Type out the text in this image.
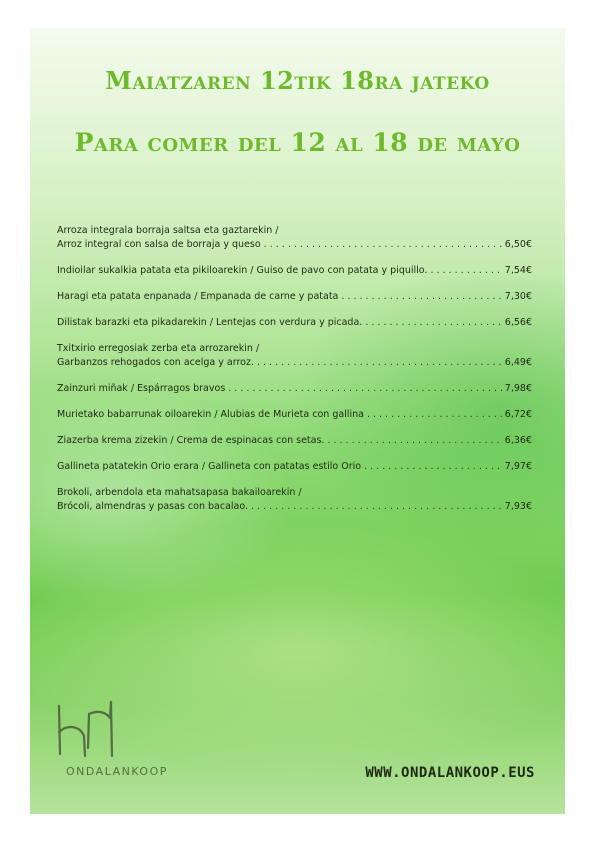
Maiatzaren 12tik 18ra jateko
Para comer del 12 al 18 de mayo
Arroza integrala borraja saltsa eta gaztarekin /
Arroz integral con salsa de borraja y queso . . .	6,50€
Indioilar sukalkia patata eta pikiloarekin / Guiso de pavo con patata y piquillo. . . .	7,54€
Haragi eta patata enpanada / Empanada de carne y patata . . .	7,30€
Dilistak barazki eta pikadarekin / Lentejas con verdura y picada. . . .	6,56€
Txitxirio erregosiak zerba eta arrozarekin /
Garbanzos rehogados con acelga y arroz. . . .	6,49€
Zainzuri miñak / Espárragos bravos . . .	7,98€
Murietako babarrunak oiloarekin / Alubias de Murieta con gallina . . .	6,72€
Ziazerba krema zizekin / Crema de espinacas con setas. . . .	6,36€
Gallineta patatekin Orio erara / Gallineta con patatas estilo Orio . . .	7,97€
Brokoli, arbendola eta mahatsapasa bakailoarekin /
Brócoli, almendras y pasas con bacalao. . . .	7,93€
ONDALANKOOP	WWW.ONDALANKOOP.EUS
